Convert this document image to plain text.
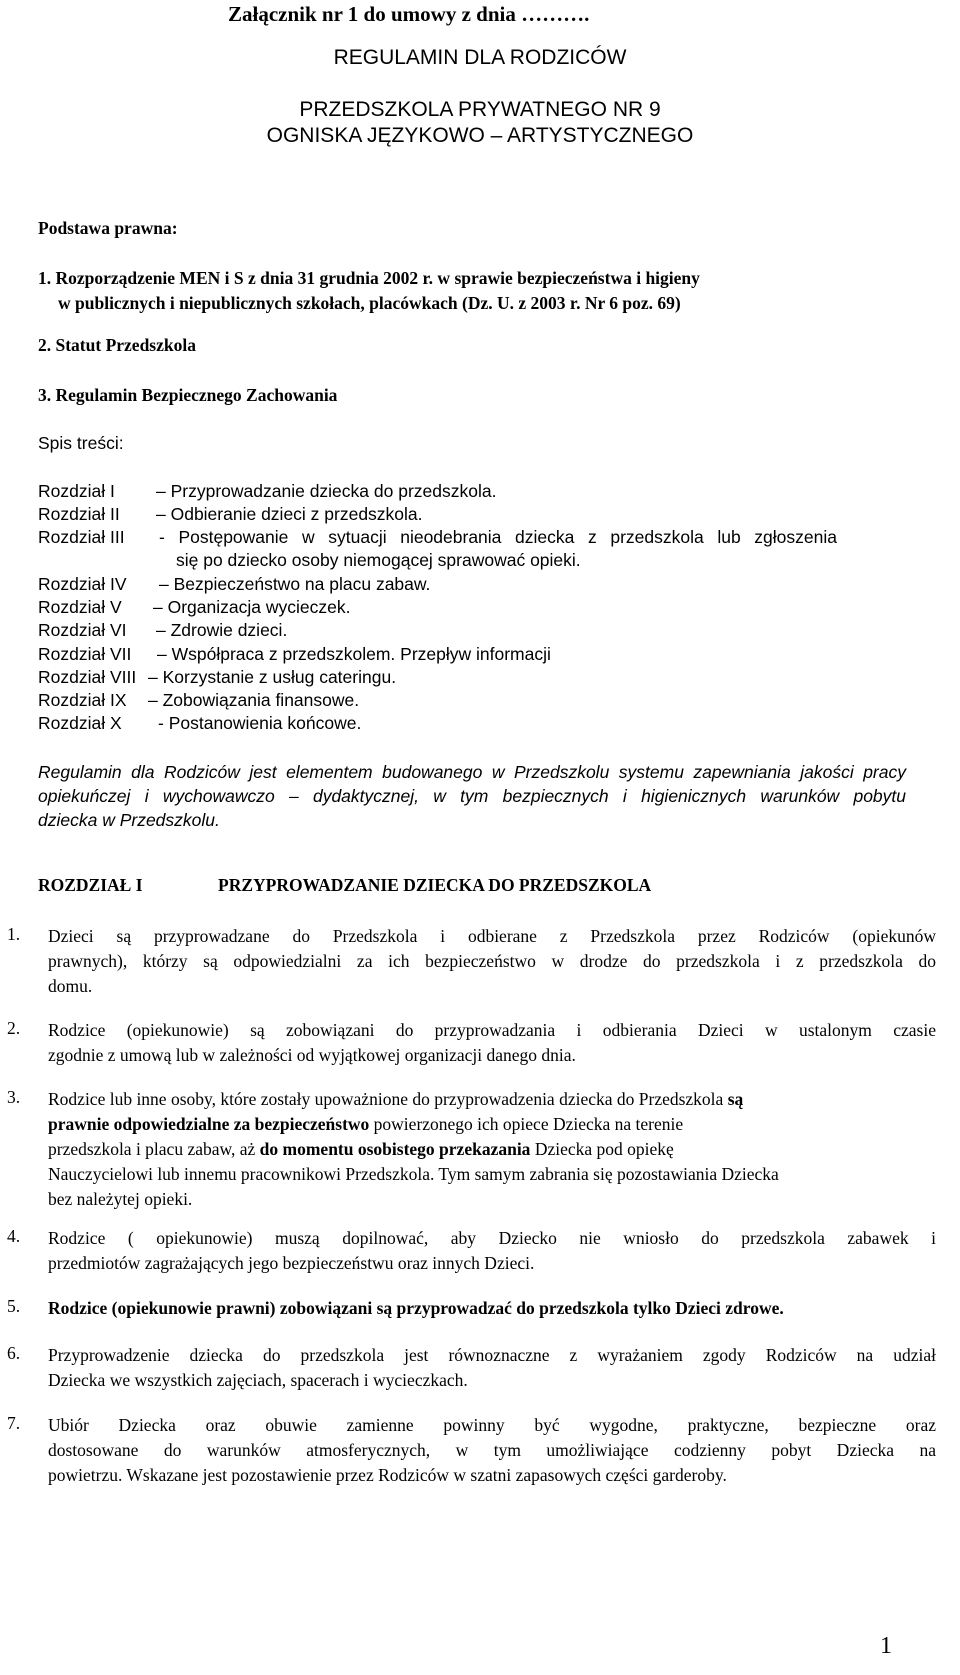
Załącznik nr 1 do umowy z dnia ……….
REGULAMIN DLA RODZICÓW
PRZEDSZKOLA PRYWATNEGO NR 9
OGNISKA JĘZYKOWO – ARTYSTYCZNEGO
Podstawa prawna:
1. Rozporządzenie MEN i S z dnia 31 grudnia 2002 r. w sprawie bezpieczeństwa i higieny
w publicznych i niepublicznych szkołach, placówkach (Dz. U. z 2003 r. Nr 6 poz. 69)
2. Statut Przedszkola
3. Regulamin Bezpiecznego Zachowania
Spis treści:
Rozdział I – Przyprowadzanie dziecka do przedszkola.
Rozdział II – Odbieranie dzieci z przedszkola.
Rozdział III - Postępowanie w sytuacji nieodebrania dziecka z przedszkola lub zgłoszenia
się po dziecko osoby niemogącej sprawować opieki.
Rozdział IV – Bezpieczeństwo na placu zabaw.
Rozdział V – Organizacja wycieczek.
Rozdział VI – Zdrowie dzieci.
Rozdział VII – Współpraca z przedszkolem. Przepływ informacji
Rozdział VIII – Korzystanie z usług cateringu.
Rozdział IX – Zobowiązania finansowe.
Rozdział X - Postanowienia końcowe.
Regulamin dla Rodziców jest elementem budowanego w Przedszkolu systemu zapewniania jakości pracy
opiekuńczej i wychowawczo – dydaktycznej, w tym bezpiecznych i higienicznych warunków pobytu
dziecka w Przedszkolu.
ROZDZIAŁ I	PRZYPROWADZANIE DZIECKA DO PRZEDSZKOLA
1. Dzieci są przyprowadzane do Przedszkola i odbierane z Przedszkola przez Rodziców (opiekunów
prawnych), którzy są odpowiedzialni za ich bezpieczeństwo w drodze do przedszkola i z przedszkola do
domu.
2. Rodzice (opiekunowie) są zobowiązani do przyprowadzania i odbierania Dzieci w ustalonym czasie
zgodnie z umową lub w zależności od wyjątkowej organizacji danego dnia.
3. Rodzice lub inne osoby, które zostały upoważnione do przyprowadzenia dziecka do Przedszkola są
prawnie odpowiedzialne za bezpieczeństwo powierzonego ich opiece Dziecka na terenie
przedszkola i placu zabaw, aż do momentu osobistego przekazania Dziecka pod opiekę
Nauczycielowi lub innemu pracownikowi Przedszkola. Tym samym zabrania się pozostawiania Dziecka
bez należytej opieki.
4. Rodzice ( opiekunowie) muszą dopilnować, aby Dziecko nie wniosło do przedszkola zabawek i
przedmiotów zagrażających jego bezpieczeństwu oraz innych Dzieci.
5. Rodzice (opiekunowie prawni) zobowiązani są przyprowadzać do przedszkola tylko Dzieci zdrowe.
6. Przyprowadzenie dziecka do przedszkola jest równoznaczne z wyrażaniem zgody Rodziców na udział
Dziecka we wszystkich zajęciach, spacerach i wycieczkach.
7. Ubiór Dziecka oraz obuwie zamienne powinny być wygodne, praktyczne, bezpieczne oraz
dostosowane do warunków atmosferycznych, w tym umożliwiające codzienny pobyt Dziecka na
powietrzu. Wskazane jest pozostawienie przez Rodziców w szatni zapasowych części garderoby.
1
